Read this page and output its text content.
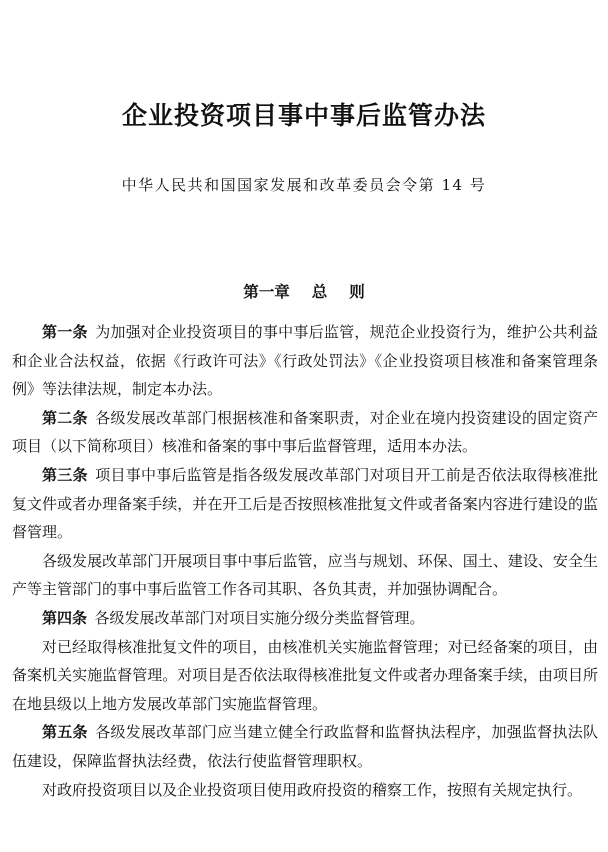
企业投资项目事中事后监管办法
中华人民共和国国家发展和改革委员会令第 14 号
第一章 总 则

第一条 为加强对企业投资项目的事中事后监管，规范企业投资行为，维护公共利益和企业合法权益，依据《行政许可法》《行政处罚法》《企业投资项目核准和备案管理条例》等法律法规，制定本办法。

第二条 各级发展改革部门根据核准和备案职责，对企业在境内投资建设的固定资产项目（以下简称项目）核准和备案的事中事后监督管理，适用本办法。

第三条 项目事中事后监管是指各级发展改革部门对项目开工前是否依法取得核准批复文件或者办理备案手续，并在开工后是否按照核准批复文件或者备案内容进行建设的监督管理。

各级发展改革部门开展项目事中事后监管，应当与规划、环保、国土、建设、安全生产等主管部门的事中事后监管工作各司其职、各负其责，并加强协调配合。

第四条 各级发展改革部门对项目实施分级分类监督管理。

对已经取得核准批复文件的项目，由核准机关实施监督管理；对已经备案的项目，由备案机关实施监督管理。对项目是否依法取得核准批复文件或者办理备案手续，由项目所在地县级以上地方发展改革部门实施监督管理。

第五条 各级发展改革部门应当建立健全行政监督和监督执法程序，加强监督执法队伍建设，保障监督执法经费，依法行使监督管理职权。

对政府投资项目以及企业投资项目使用政府投资的稽察工作，按照有关规定执行。
